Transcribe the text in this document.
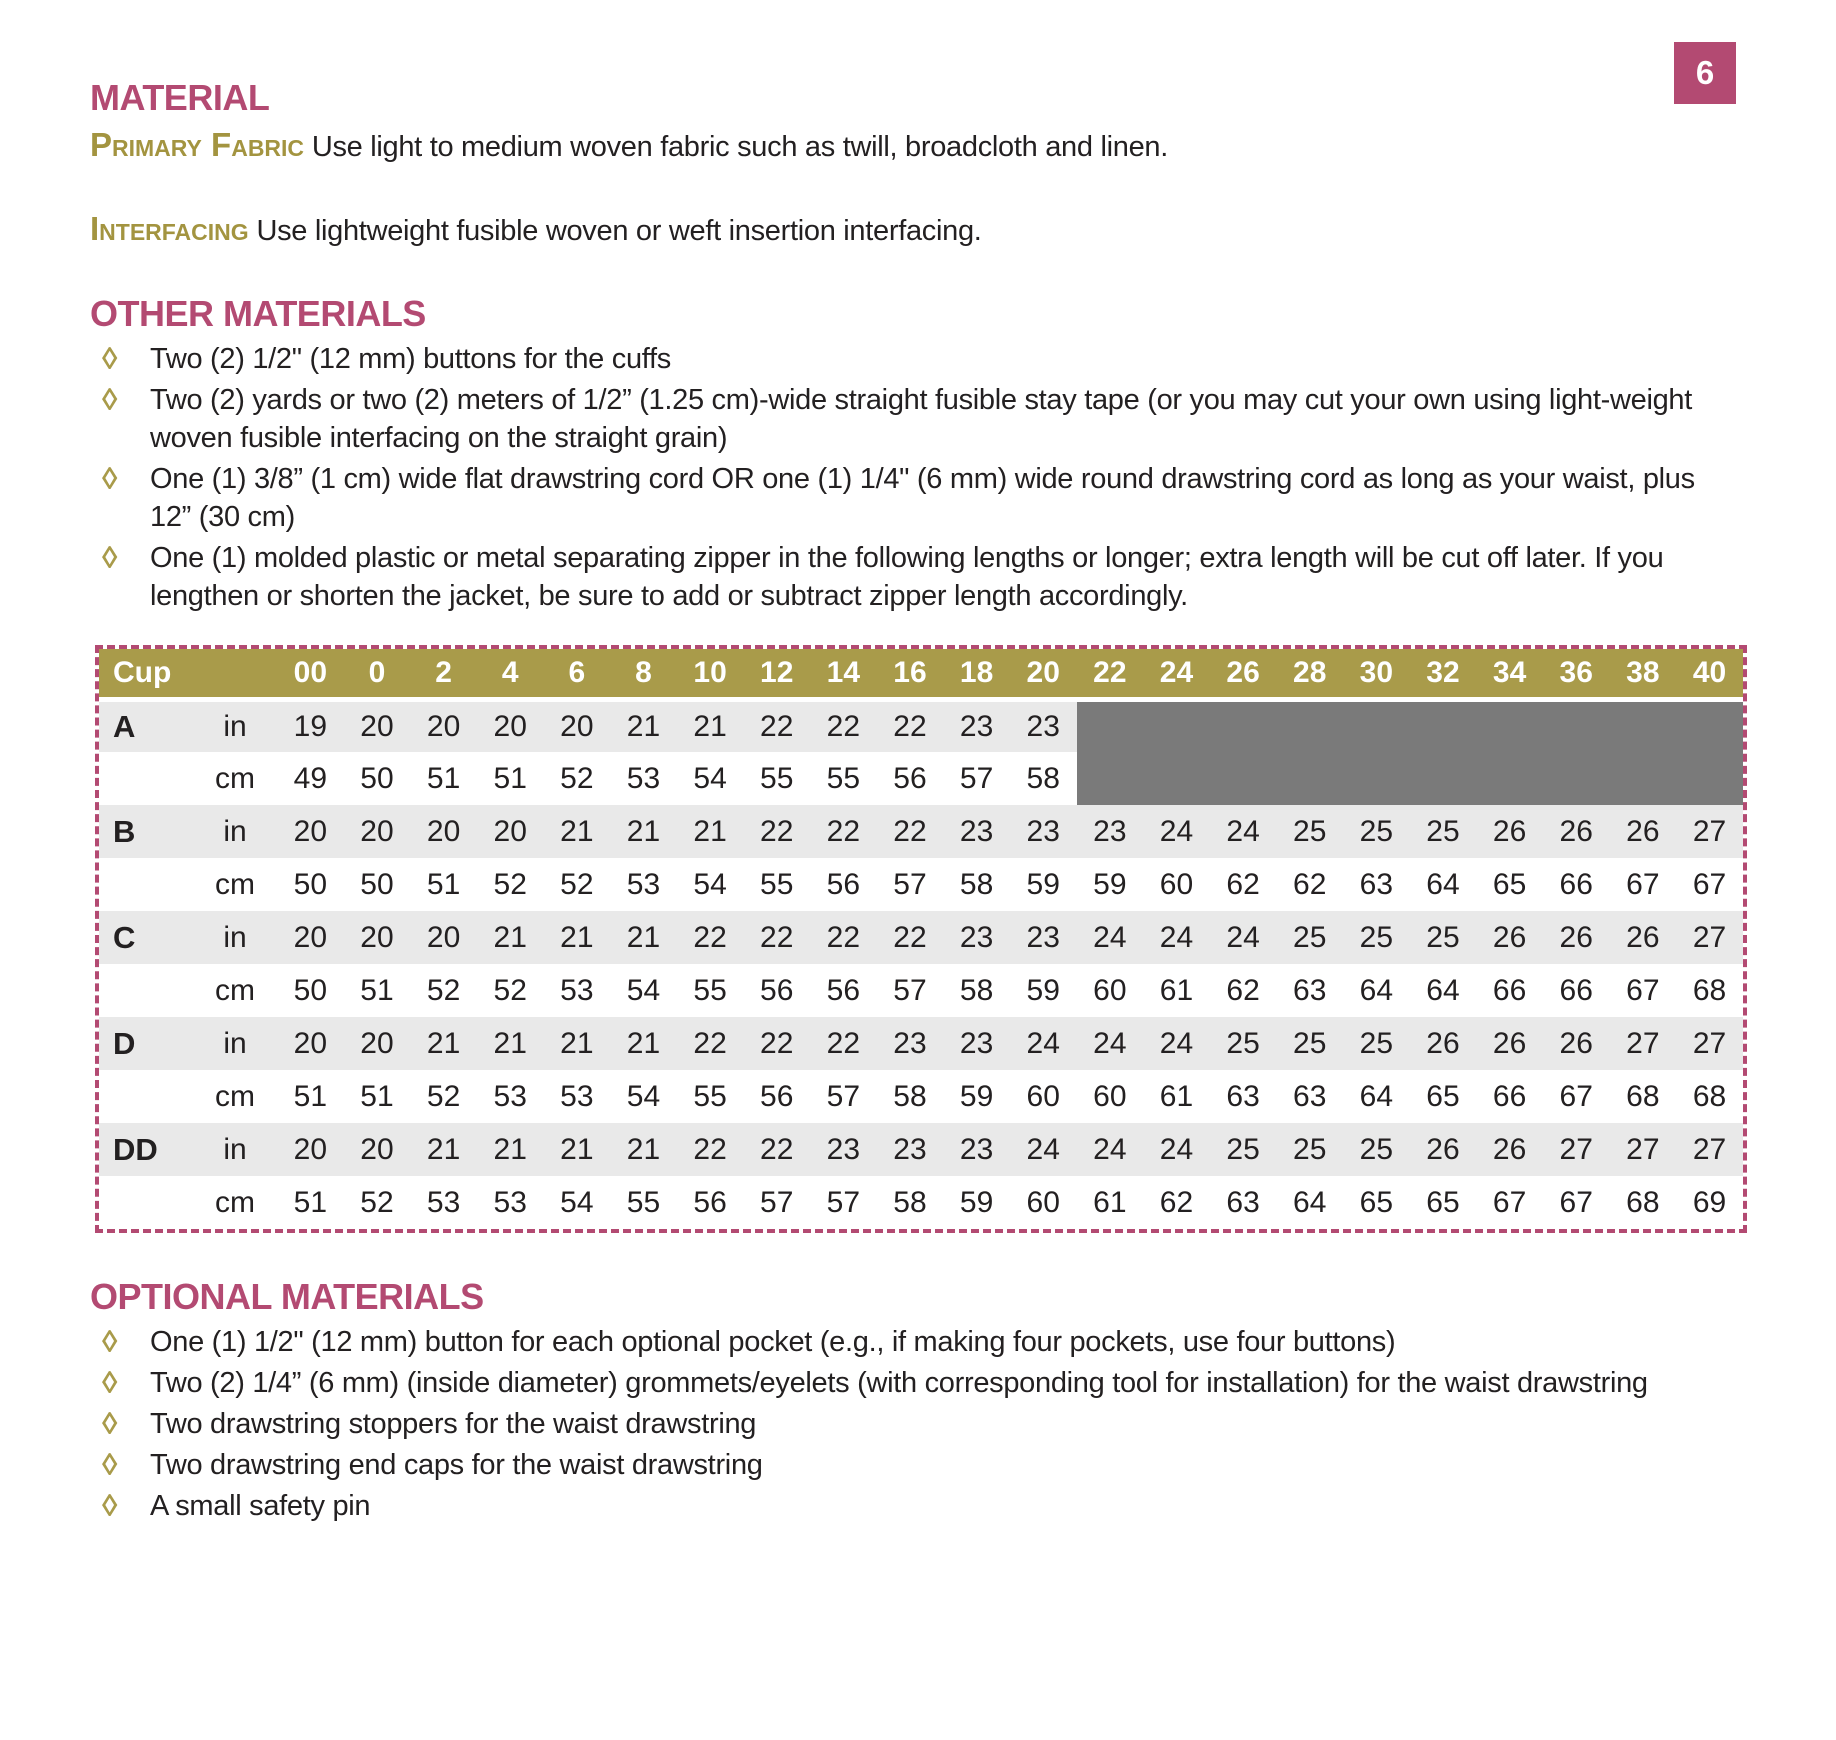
6
MATERIAL

Primary Fabric Use light to medium woven fabric such as twill, broadcloth and linen.

Interfacing Use lightweight fusible woven or weft insertion interfacing.

OTHER MATERIALS
◊	Two (2) 1/2" (12 mm) buttons for the cuffs
◊	Two (2) yards or two (2) meters of 1/2” (1.25 cm)-wide straight fusible stay tape (or you may cut your own using light-weight woven fusible interfacing on the straight grain)
◊	One (1) 3/8” (1 cm) wide flat drawstring cord OR one (1) 1/4" (6 mm) wide round drawstring cord as long as your waist, plus 12” (30 cm)
◊	One (1) molded plastic or metal separating zipper in the following lengths or longer; extra length will be cut off later. If you lengthen or shorten the jacket, be sure to add or subtract zipper length accordingly.
Cup		00	0	2	4	6	8	10	12	14	16	18	20	22	24	26	28	30	32	34	36	38	40
A	in	19	20	20	20	20	21	21	22	22	22	23	23										
	cm	49	50	51	51	52	53	54	55	55	56	57	58										
B	in	20	20	20	20	21	21	21	22	22	22	23	23	23	24	24	25	25	25	26	26	26	27
	cm	50	50	51	52	52	53	54	55	56	57	58	59	59	60	62	62	63	64	65	66	67	67
C	in	20	20	20	21	21	21	22	22	22	22	23	23	24	24	24	25	25	25	26	26	26	27
	cm	50	51	52	52	53	54	55	56	56	57	58	59	60	61	62	63	64	64	66	66	67	68
D	in	20	20	21	21	21	21	22	22	22	23	23	24	24	24	25	25	25	26	26	26	27	27
	cm	51	51	52	53	53	54	55	56	57	58	59	60	60	61	63	63	64	65	66	67	68	68
DD	in	20	20	21	21	21	21	22	22	23	23	23	24	24	24	25	25	25	26	26	27	27	27
	cm	51	52	53	53	54	55	56	57	57	58	59	60	61	62	63	64	65	65	67	67	68	69
OPTIONAL MATERIALS
◊	One (1) 1/2" (12 mm) button for each optional pocket (e.g., if making four pockets, use four buttons)
◊	Two (2) 1/4” (6 mm) (inside diameter) grommets/eyelets (with corresponding tool for installation) for the waist drawstring
◊	Two drawstring stoppers for the waist drawstring
◊	Two drawstring end caps for the waist drawstring
◊	A small safety pin
